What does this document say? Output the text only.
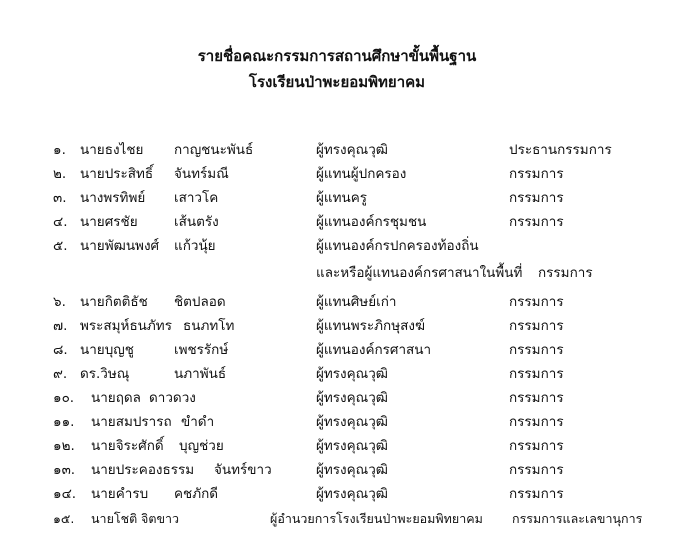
รายชื่อคณะกรรมการสถานศึกษาขั้นพื้นฐาน
โรงเรียนป่าพะยอมพิทยาคม
๑. นายธงไชย กาญชนะพันธ์	ผู้ทรงคุณวุฒิ	ประธานกรรมการ
๒. นายประสิทธิ์ จันทร์มณี	ผู้แทนผู้ปกครอง	กรรมการ
๓. นางพรทิพย์ เสาวโค	ผู้แทนครู	กรรมการ
๔. นายศรชัย	เส้นตรัง	ผู้แทนองค์กรชุมชน	กรรมการ
๕. นายพัฒนพงศ์ แก้วนุ้ย	ผู้แทนองค์กรปกครองท้องถิ่น
และหรือผู้แทนองค์กรศาสนาในพื้นที่ กรรมการ
๖. นายกิตติธัช ชิตปลอด	ผู้แทนศิษย์เก่า	กรรมการ
๗. พระสมุห์ธนภัทร ธนภทโท	ผู้แทนพระภิกษุสงฆ์	กรรมการ
๘. นายบุญชู	เพชรรักษ์	ผู้แทนองค์กรศาสนา	กรรมการ
๙. ดร.วิษณุ	นภาพันธ์	ผู้ทรงคุณวุฒิ	กรรมการ
๑๐. นายฤดล ดาวดวง	ผู้ทรงคุณวุฒิ	กรรมการ
๑๑. นายสมปรารถ ขำดำ	ผู้ทรงคุณวุฒิ	กรรมการ
๑๒. นายจิระศักดิ์ บุญช่วย	ผู้ทรงคุณวุฒิ	กรรมการ
๑๓. นายประคองธรรม จันทร์ขาว	ผู้ทรงคุณวุฒิ	กรรมการ
๑๔. นายคำรบ คชภักดี	ผู้ทรงคุณวุฒิ	กรรมการ
๑๕. นายโชติ จิตขาว	ผู้อำนวยการโรงเรียนป่าพะยอมพิทยาคม กรรมการและเลขานุการ
